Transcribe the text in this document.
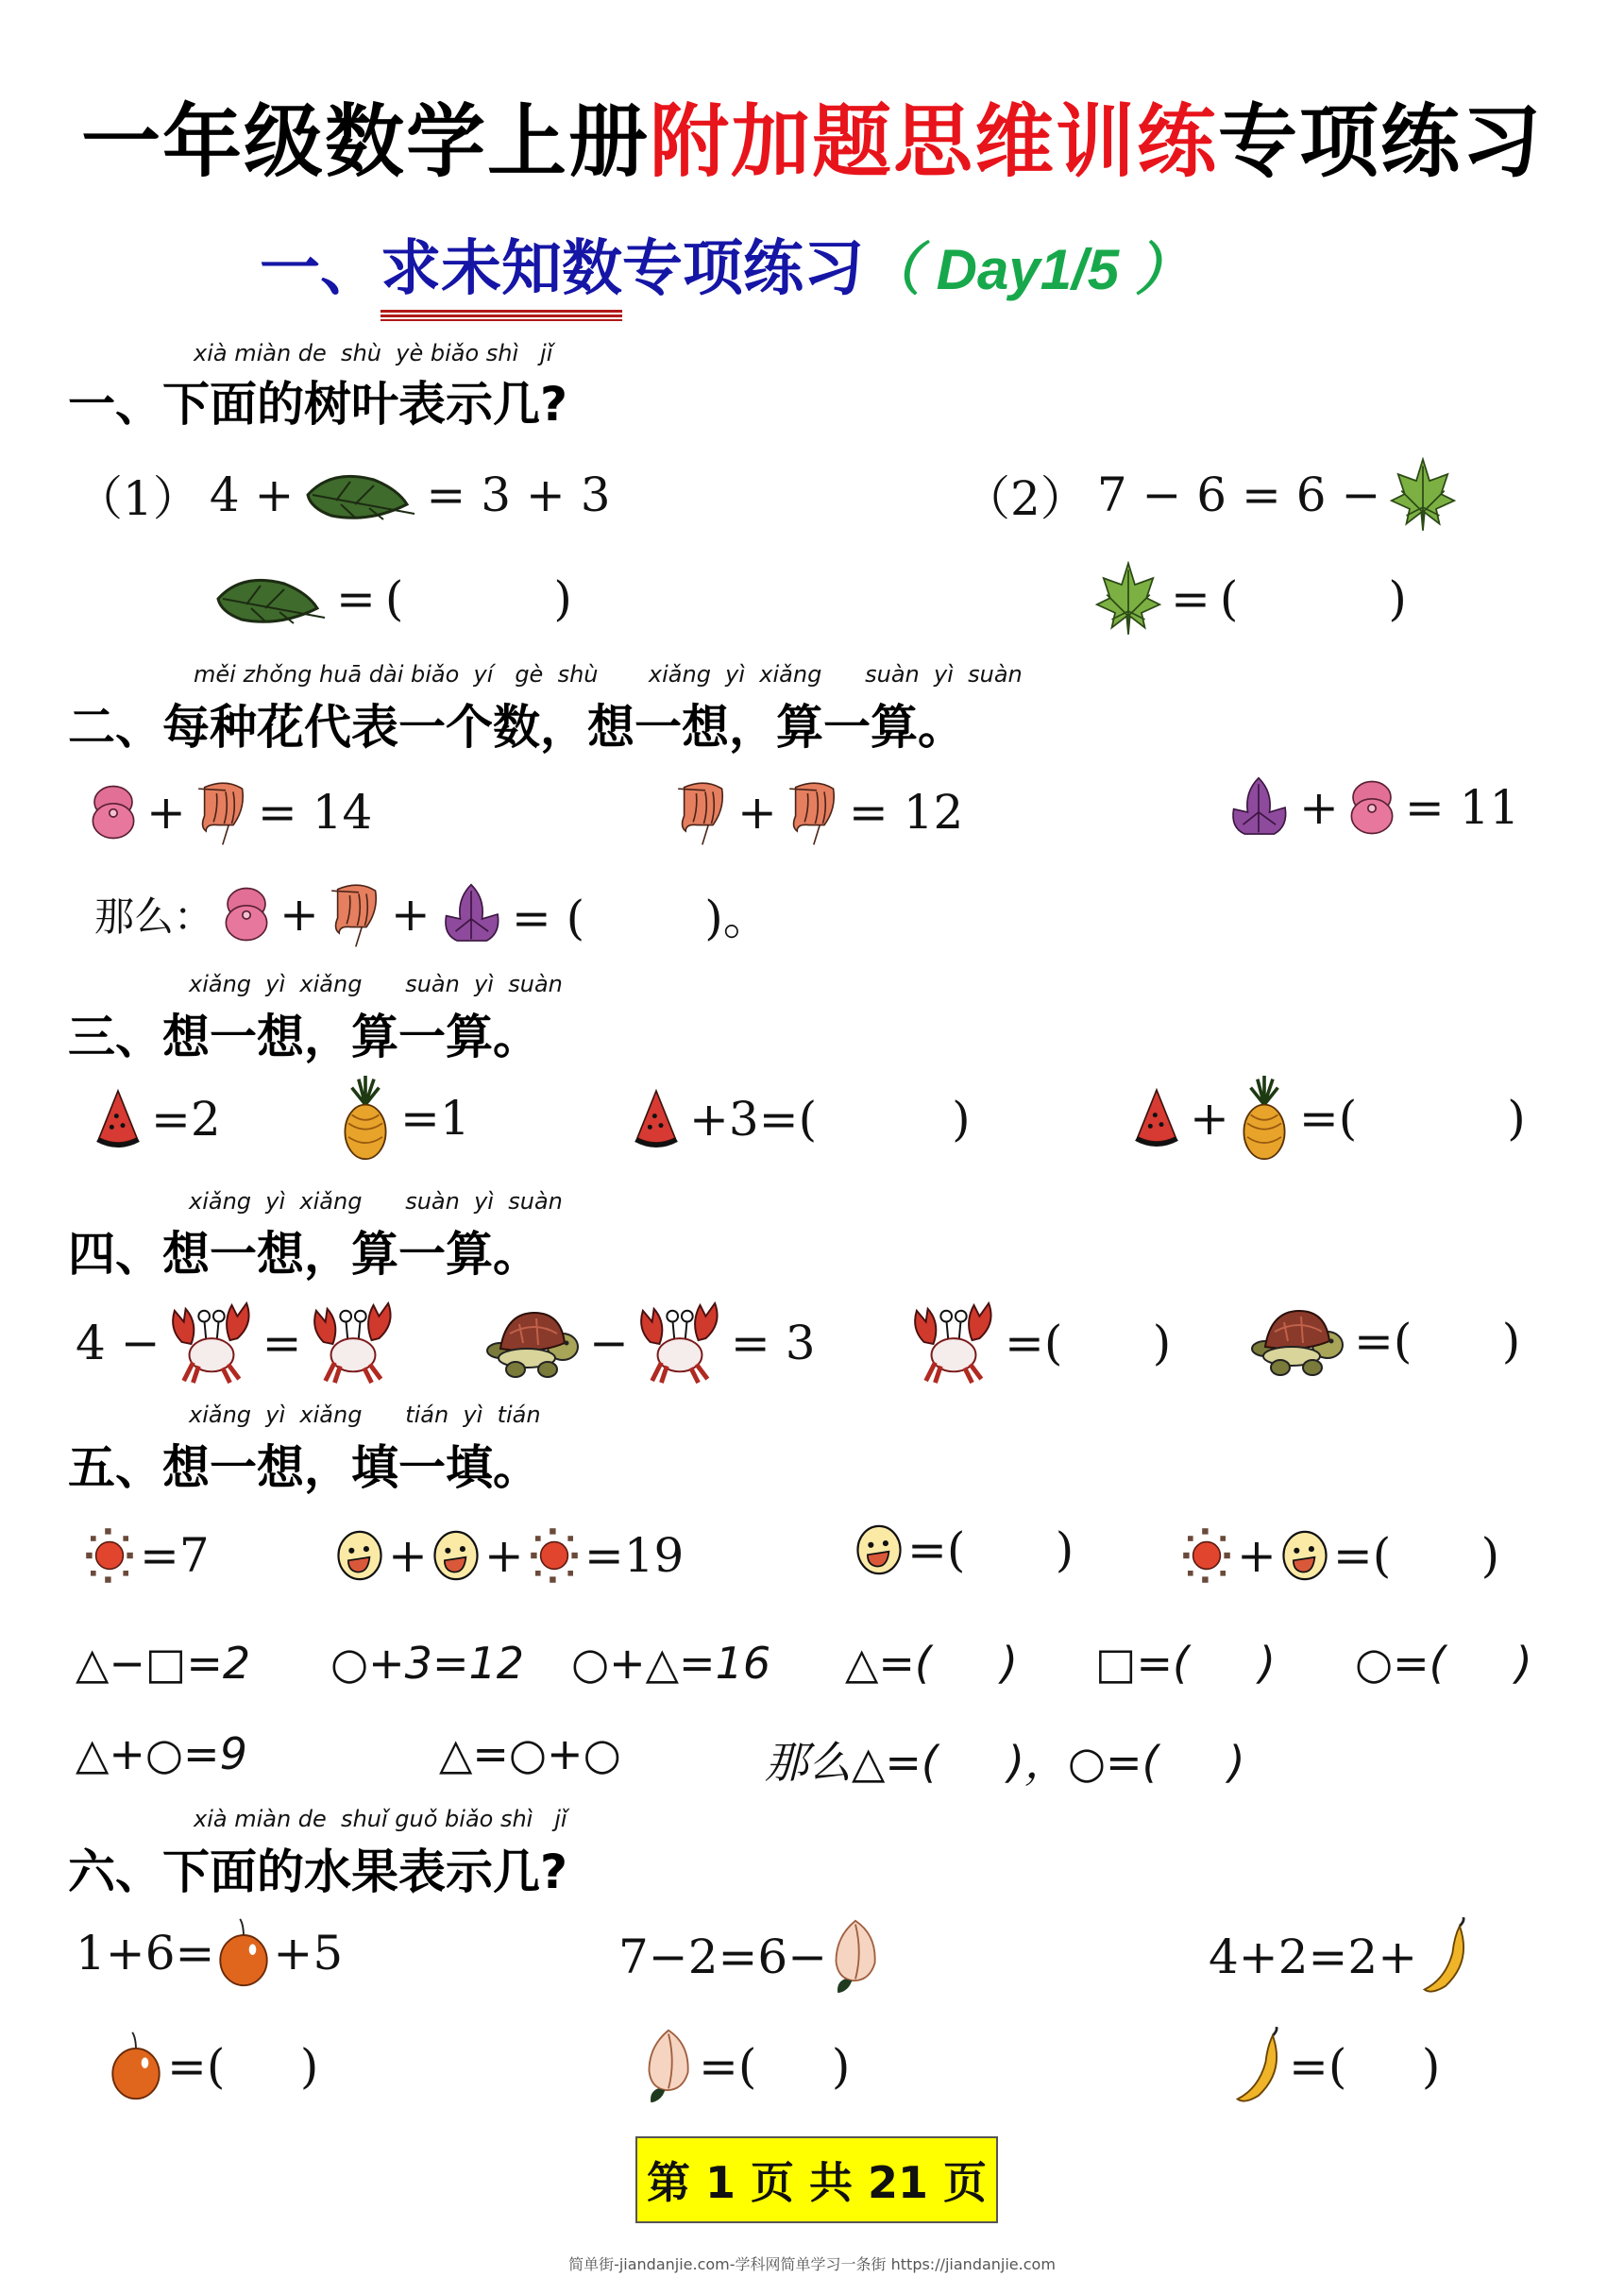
一年级数学上册附加题思维训练专项练习
一、求未知数专项练习（ Day1/5 ）
xià miàn de  shù  yè biǎo shì   jǐ
一、下面的树叶表示几?
（1） 4 +	= 3 + 3
= (          )
（2） 7 − 6 = 6 −
= (          )
měi zhǒng huā dài biǎo  yí   gè  shù       xiǎng  yì  xiǎng      suàn  yì  suàn
二、每种花代表一个数，想一想，算一算。
+ = 14	+ = 12	+ = 11
那么： + + = (        )。
xiǎng  yì  xiǎng      suàn  yì  suàn
三、想一想，算一算。
=2	=1	+3=(         )	+ =(          )
xiǎng  yì  xiǎng      suàn  yì  suàn
四、想一想，算一算。
4 − =	− = 3	=(      )	=(      )
xiǎng  yì  xiǎng      tián  yì  tián
五、想一想，填一填。
=7	+ + =19	=(      )	+ =(      )
△−□=2 ○+3=12 ○+△=16 △=(     ) □=(     ) ○=(     )
△+○=9	△=○+○	那么△=(     )，○=(     )
xià miàn de  shuǐ guǒ biǎo shì   jǐ
六、下面的水果表示几?
1+6= +5	7−2=6−	4+2=2+
=(     )	=(     )	=(     )
第 1 页 共 21 页
简单街-jiandanjie.com-学科网简单学习一条街 https://jiandanjie.com
